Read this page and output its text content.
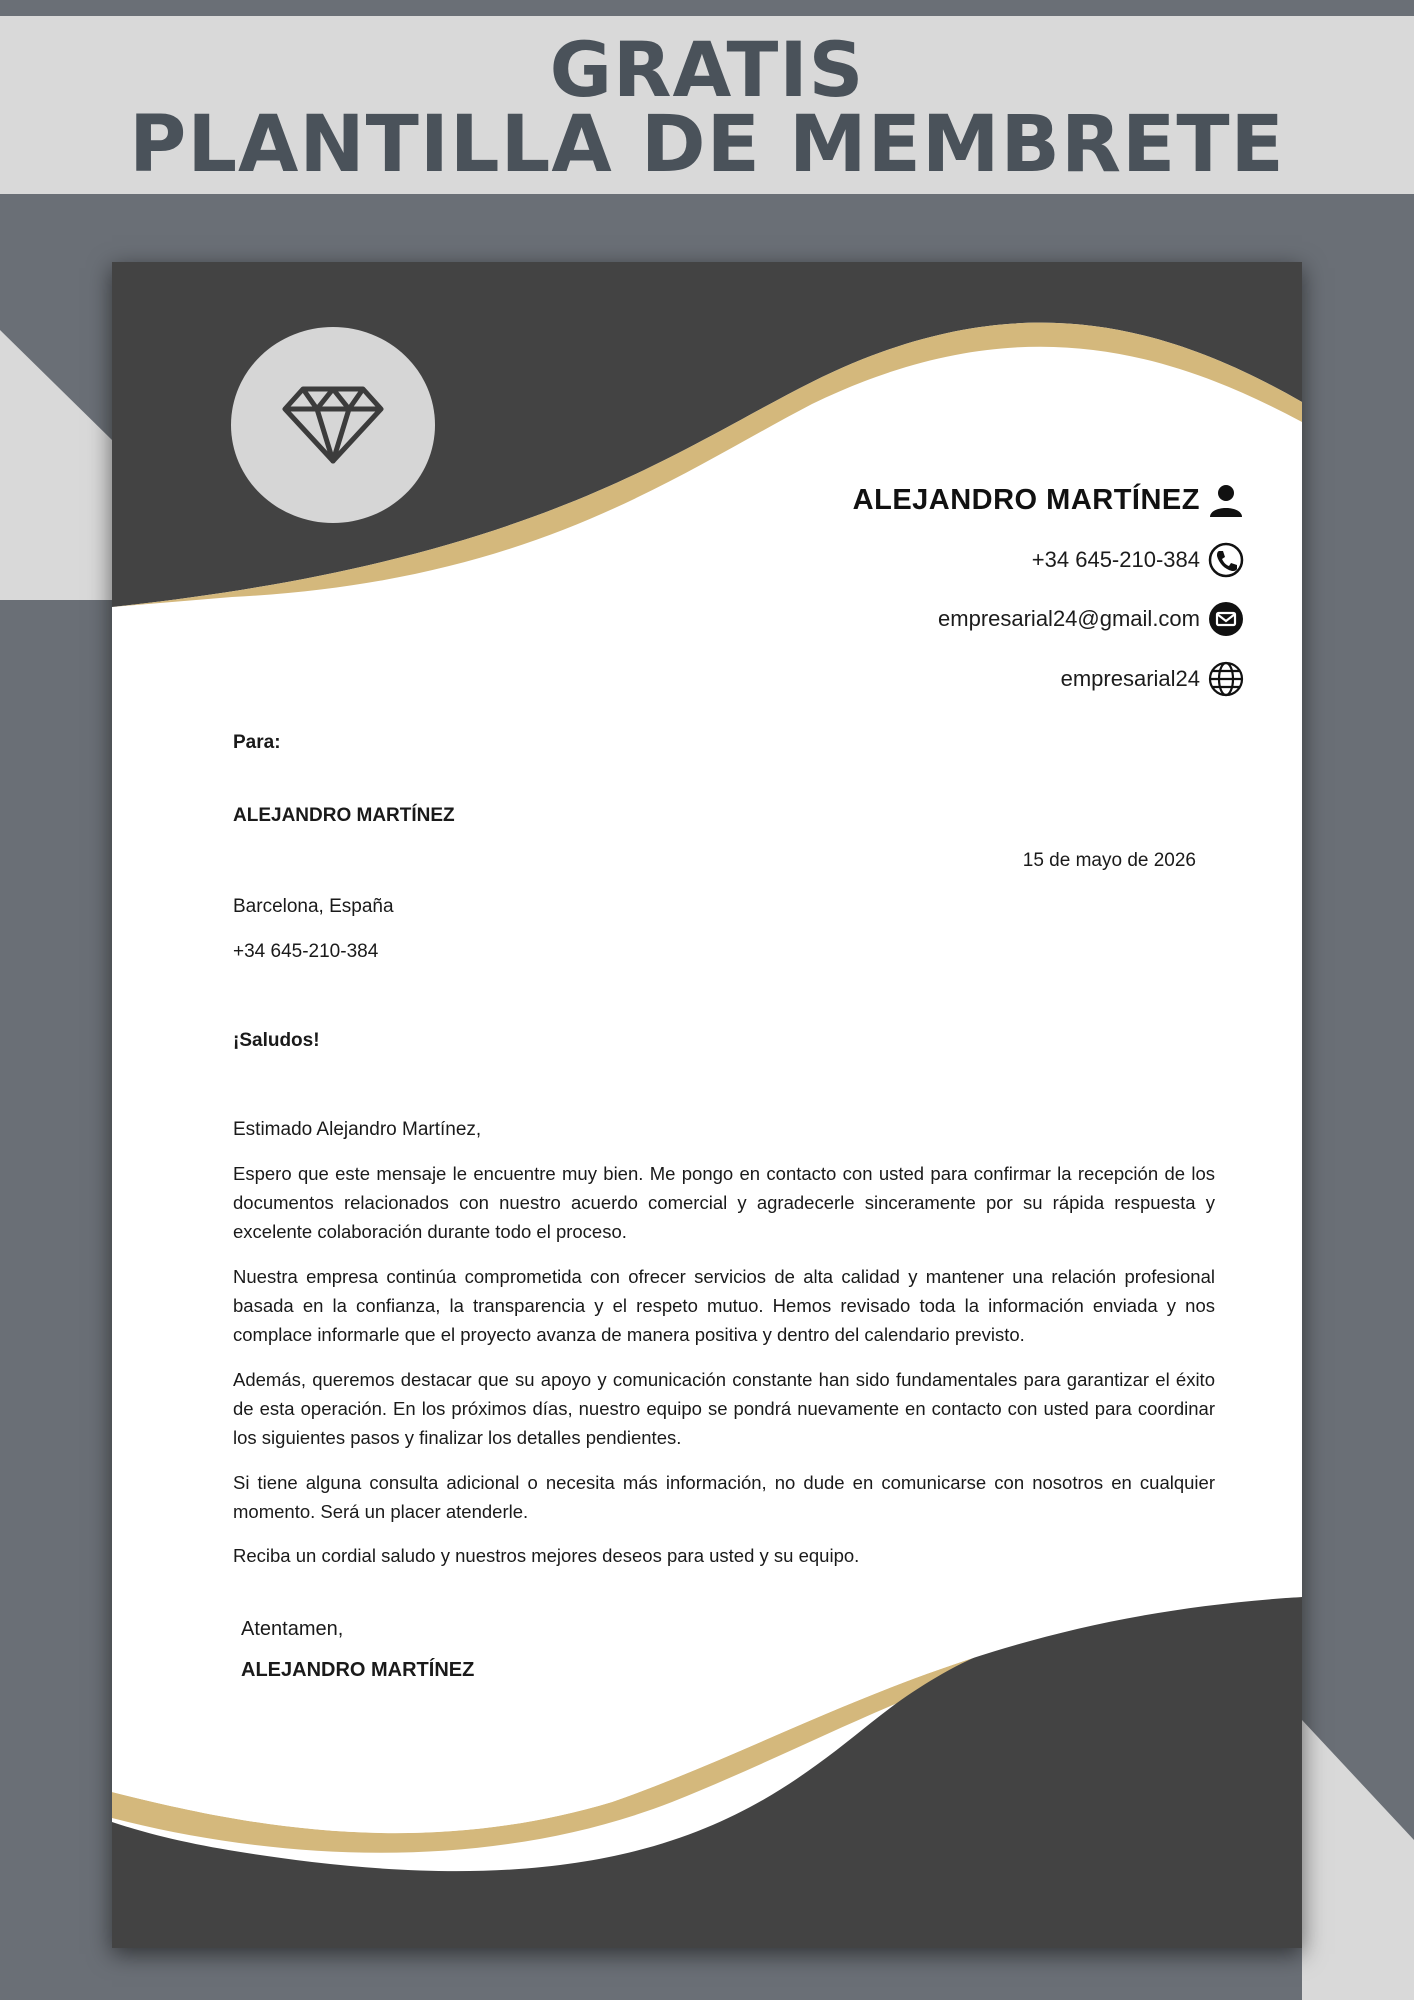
GRATIS
PLANTILLA DE MEMBRETE
ALEJANDRO MARTÍNEZ
+34 645-210-384
empresarial24@gmail.com
empresarial24
Para:
ALEJANDRO MARTÍNEZ
15 de mayo de 2026
Barcelona, España
+34 645-210-384
¡Saludos!
Estimado Alejandro Martínez,
Espero que este mensaje le encuentre muy bien. Me pongo en contacto con usted para confirmar la recepción de los documentos relacionados con nuestro acuerdo comercial y agradecerle sinceramente por su rápida respuesta y excelente colaboración durante todo el proceso.
Nuestra empresa continúa comprometida con ofrecer servicios de alta calidad y mantener una relación profesional basada en la confianza, la transparencia y el respeto mutuo. Hemos revisado toda la información enviada y nos complace informarle que el proyecto avanza de manera positiva y dentro del calendario previsto.
Además, queremos destacar que su apoyo y comunicación constante han sido fundamentales para garantizar el éxito de esta operación. En los próximos días, nuestro equipo se pondrá nuevamente en contacto con usted para coordinar los siguientes pasos y finalizar los detalles pendientes.
Si tiene alguna consulta adicional o necesita más información, no dude en comunicarse con nosotros en cualquier momento. Será un placer atenderle.
Reciba un cordial saludo y nuestros mejores deseos para usted y su equipo.
Atentamen,
ALEJANDRO MARTÍNEZ
